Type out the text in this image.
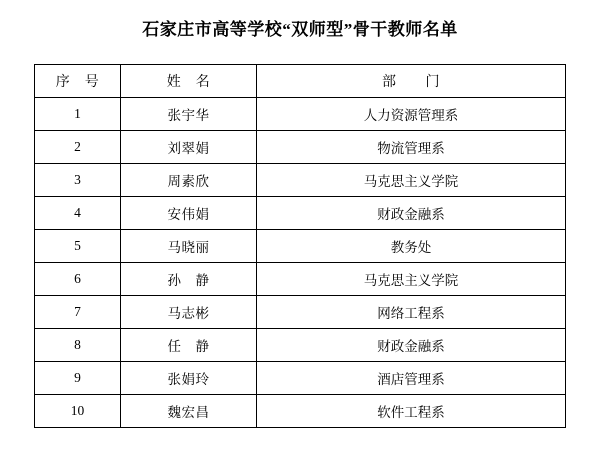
石家庄市高等学校“双师型”骨干教师名单
序　号	姓　名	部　　门
1	张宇华	人力资源管理系
2	刘翠娟	物流管理系
3	周素欣	马克思主义学院
4	安伟娟	财政金融系
5	马晓丽	教务处
6	孙　静	马克思主义学院
7	马志彬	网络工程系
8	任　静	财政金融系
9	张娟玲	酒店管理系
10	魏宏昌	软件工程系
